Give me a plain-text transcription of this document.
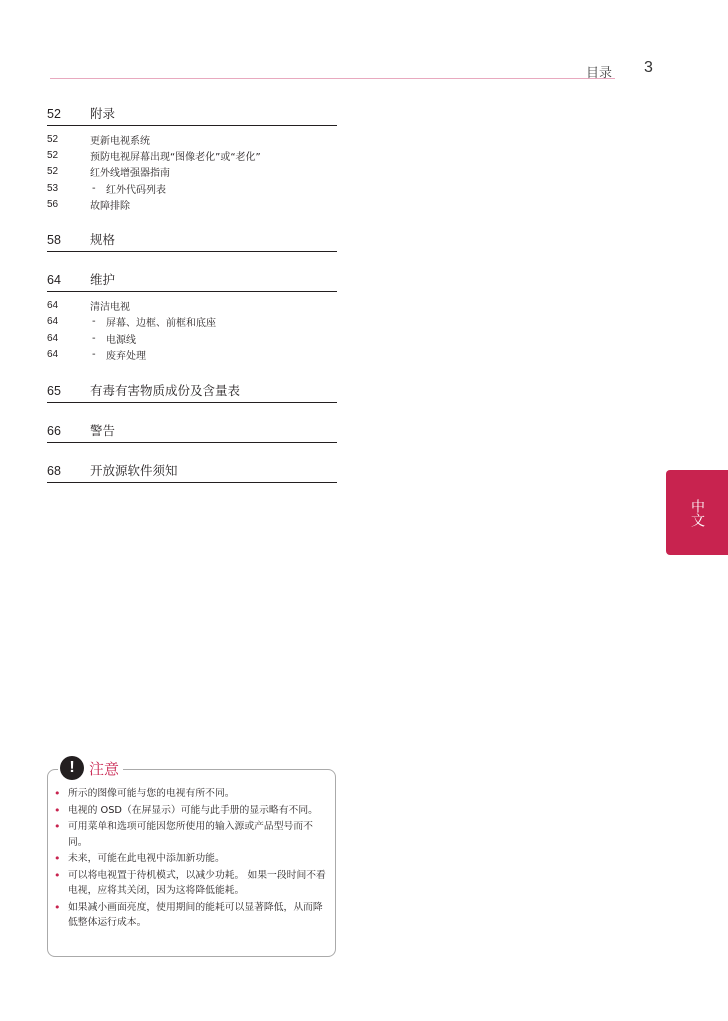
目录 3
52	附录
52	更新电视系统
52	预防电视屏幕出现“图像老化”或“老化”
52	红外线增强器指南
53	-	红外代码列表
56	故障排除
58	规格
64	维护
64	清洁电视
64	-	屏幕、边框、前框和底座
64	-	电源线
64	-	废弃处理
65	有毒有害物质成份及含量表
66	警告
68	开放源软件须知
中文
! 注意
• 所示的图像可能与您的电视有所不同。
• 电视的 OSD（在屏显示）可能与此手册的显示略有不同。
• 可用菜单和选项可能因您所使用的输入源或产品型号而不同。
• 未来，可能在此电视中添加新功能。
• 可以将电视置于待机模式，以减少功耗。 如果一段时间不看电视，应将其关闭，因为这将降低能耗。
• 如果减小画面亮度，使用期间的能耗可以显著降低，从而降低整体运行成本。
